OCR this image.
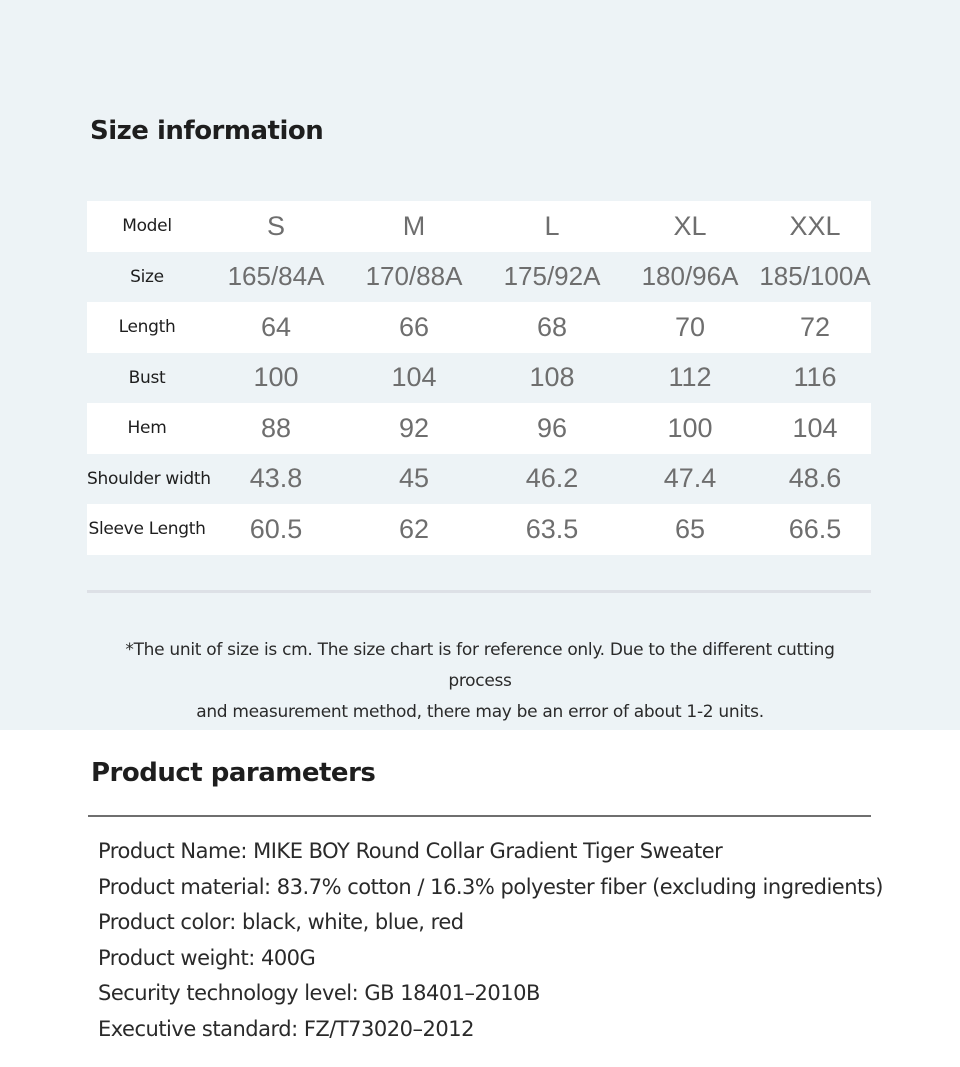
Size information
Model	S	M	L	XL	XXL
Size	165/84A	170/88A	175/92A	180/96A	185/100A
Length	64	66	68	70	72
Bust	100	104	108	112	116
Hem	88	92	96	100	104
Shoulder width	43.8	45	46.2	47.4	48.6
Sleeve Length	60.5	62	63.5	65	66.5

*The unit of size is cm. The size chart is for reference only. Due to the different cutting process

and measurement method, there may be an error of about 1-2 units.

Product parameters
Product Name: MIKE BOY Round Collar Gradient Tiger Sweater
Product material: 83.7% cotton / 16.3% polyester fiber (excluding ingredients)
Product color: black, white, blue, red
Product weight: 400G
Security technology level: GB 18401–2010B
Executive standard: FZ/T73020–2012
